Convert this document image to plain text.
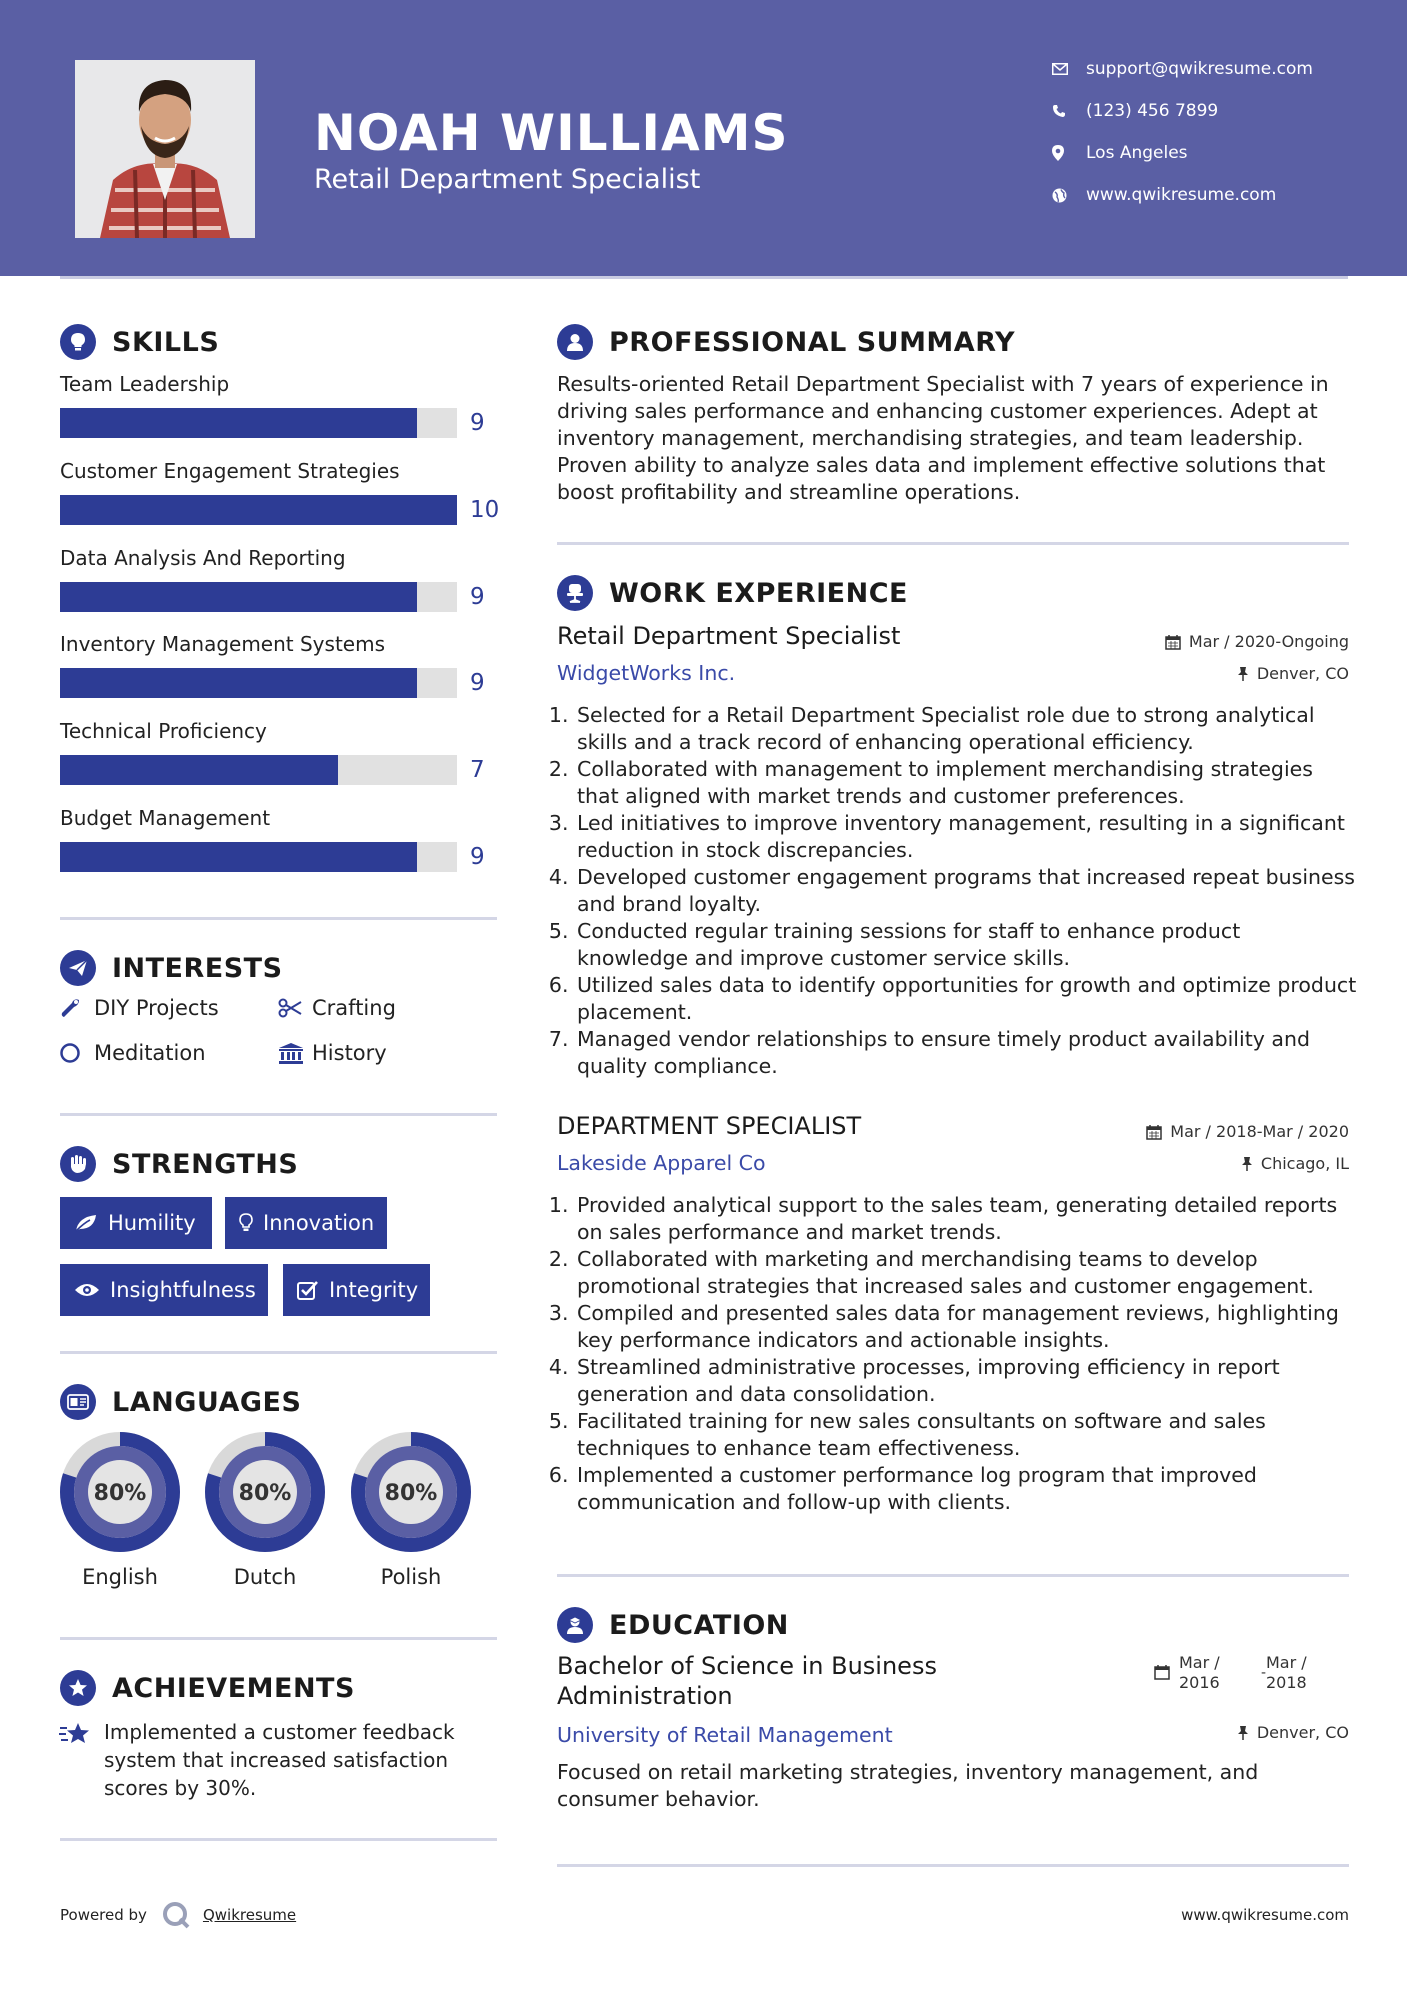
NOAH WILLIAMS
Retail Department Specialist
support@qwikresume.com
(123) 456 7899
Los Angeles
www.qwikresume.com
SKILLS
Team Leadership
9
Customer Engagement Strategies
10
Data Analysis And Reporting
9
Inventory Management Systems
9
Technical Proficiency
7
Budget Management
9
INTERESTS
DIY Projects	Crafting
Meditation	History
STRENGTHS
Humility	Innovation
Insightfulness	Integrity
LANGUAGES
80%
English
80%
Dutch
80%
Polish
ACHIEVEMENTS
Implemented a customer feedback system that increased satisfaction scores by 30%.
PROFESSIONAL SUMMARY
Results-oriented Retail Department Specialist with 7 years of experience in driving sales performance and enhancing customer experiences. Adept at inventory management, merchandising strategies, and team leadership. Proven ability to analyze sales data and implement effective solutions that boost profitability and streamline operations.
WORK EXPERIENCE
Retail Department Specialist	Mar / 2020-Ongoing
WidgetWorks Inc.	Denver, CO
1. Selected for a Retail Department Specialist role due to strong analytical skills and a track record of enhancing operational efficiency.
2. Collaborated with management to implement merchandising strategies that aligned with market trends and customer preferences.
3. Led initiatives to improve inventory management, resulting in a significant reduction in stock discrepancies.
4. Developed customer engagement programs that increased repeat business and brand loyalty.
5. Conducted regular training sessions for staff to enhance product knowledge and improve customer service skills.
6. Utilized sales data to identify opportunities for growth and optimize product placement.
7. Managed vendor relationships to ensure timely product availability and quality compliance.
DEPARTMENT SPECIALIST	Mar / 2018-Mar / 2020
Lakeside Apparel Co	Chicago, IL
1. Provided analytical support to the sales team, generating detailed reports on sales performance and market trends.
2. Collaborated with marketing and merchandising teams to develop promotional strategies that increased sales and customer engagement.
3. Compiled and presented sales data for management reviews, highlighting key performance indicators and actionable insights.
4. Streamlined administrative processes, improving efficiency in report generation and data consolidation.
5. Facilitated training for new sales consultants on software and sales techniques to enhance team effectiveness.
6. Implemented a customer performance log program that improved communication and follow-up with clients.
EDUCATION
Bachelor of Science in Business Administration
Mar / 2016	-
Mar / 2018
University of Retail Management	Denver, CO
Focused on retail marketing strategies, inventory management, and consumer behavior.
Powered by	Qwikresume	www.qwikresume.com
